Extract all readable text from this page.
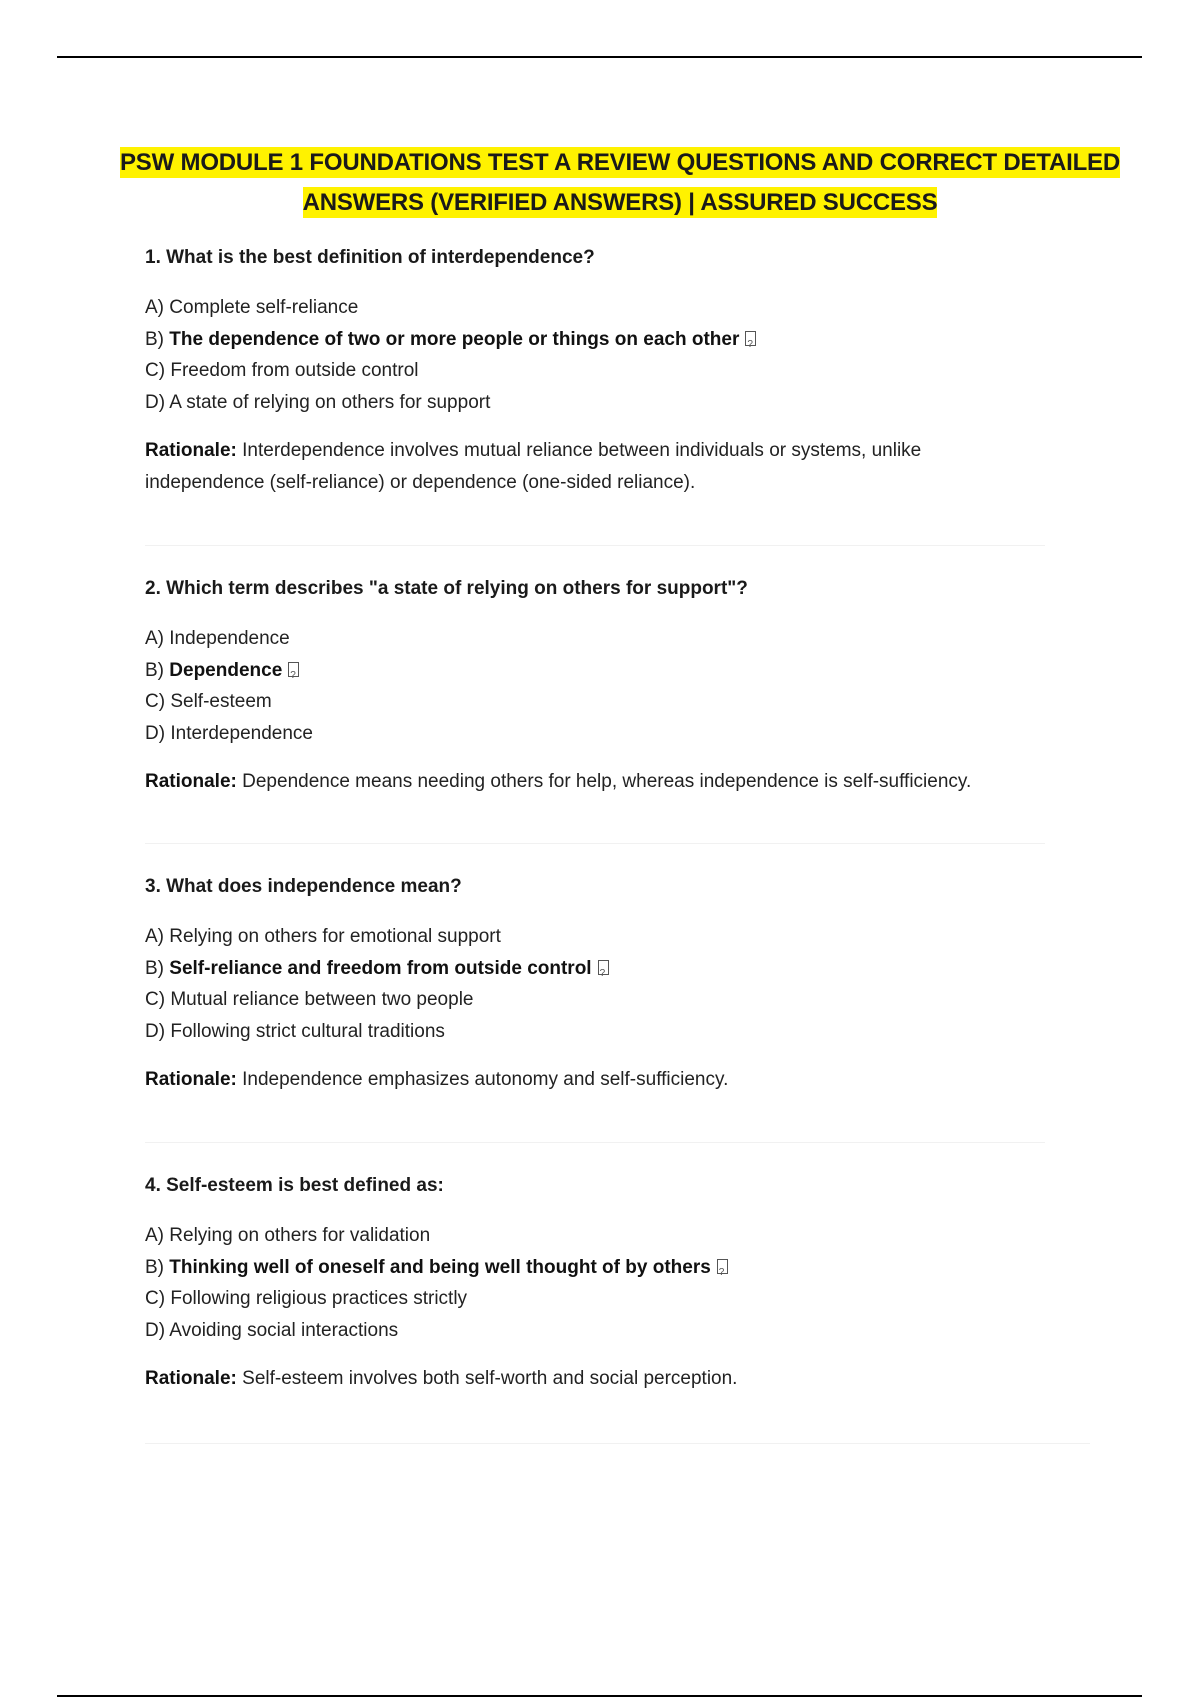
PSW MODULE 1 FOUNDATIONS TEST A REVIEW QUESTIONS AND CORRECT DETAILED ANSWERS (VERIFIED ANSWERS) | ASSURED SUCCESS
1. What is the best definition of interdependence?
A) Complete self-reliance
B) The dependence of two or more people or things on each other?
C) Freedom from outside control
D) A state of relying on others for support
Rationale: Interdependence involves mutual reliance between individuals or systems, unlike independence (self-reliance) or dependence (one-sided reliance).
2. Which term describes "a state of relying on others for support"?
A) Independence
B) Dependence?
C) Self-esteem
D) Interdependence
Rationale: Dependence means needing others for help, whereas independence is self-sufficiency.
3. What does independence mean?
A) Relying on others for emotional support
B) Self-reliance and freedom from outside control?
C) Mutual reliance between two people
D) Following strict cultural traditions
Rationale: Independence emphasizes autonomy and self-sufficiency.
4. Self-esteem is best defined as:
A) Relying on others for validation
B) Thinking well of oneself and being well thought of by others?
C) Following religious practices strictly
D) Avoiding social interactions
Rationale: Self-esteem involves both self-worth and social perception.
